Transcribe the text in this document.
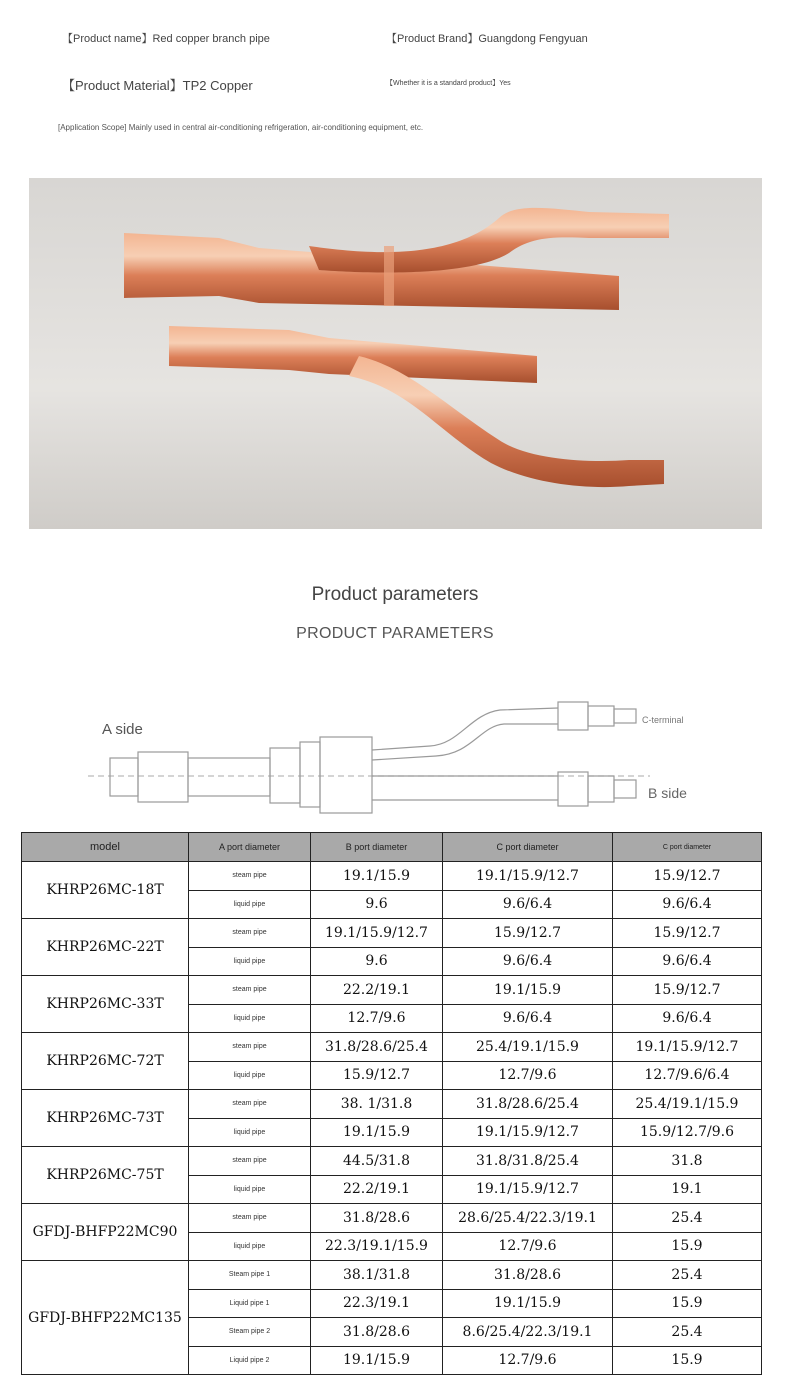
【Product name】Red copper branch pipe	【Product Brand】Guangdong Fengyuan
【Product Material】TP2 Copper	【Whether it is a standard product】Yes
[Application Scope] Mainly used in central air-conditioning refrigeration, air-conditioning equipment, etc.
Product parameters
PRODUCT PARAMETERS
A side
C-terminal
B side
model	A port diameter	B port diameter	C port diameter	C port diameter
KHRP26MC-18T	steam pipe	19.1/15.9	19.1/15.9/12.7	15.9/12.7
	liquid pipe	9.6	9.6/6.4	9.6/6.4
KHRP26MC-22T	steam pipe	19.1/15.9/12.7	15.9/12.7	15.9/12.7
	liquid pipe	9.6	9.6/6.4	9.6/6.4
KHRP26MC-33T	steam pipe	22.2/19.1	19.1/15.9	15.9/12.7
	liquid pipe	12.7/9.6	9.6/6.4	9.6/6.4
KHRP26MC-72T	steam pipe	31.8/28.6/25.4	25.4/19.1/15.9	19.1/15.9/12.7
	liquid pipe	15.9/12.7	12.7/9.6	12.7/9.6/6.4
KHRP26MC-73T	steam pipe	38. 1/31.8	31.8/28.6/25.4	25.4/19.1/15.9
	liquid pipe	19.1/15.9	19.1/15.9/12.7	15.9/12.7/9.6
KHRP26MC-75T	steam pipe	44.5/31.8	31.8/31.8/25.4	31.8
	liquid pipe	22.2/19.1	19.1/15.9/12.7	19.1
GFDJ-BHFP22MC90	steam pipe	31.8/28.6	28.6/25.4/22.3/19.1	25.4
	liquid pipe	22.3/19.1/15.9	12.7/9.6	15.9
GFDJ-BHFP22MC135	Steam pipe 1	38.1/31.8	31.8/28.6	25.4
	Liquid pipe 1	22.3/19.1	19.1/15.9	15.9
	Steam pipe 2	31.8/28.6	8.6/25.4/22.3/19.1	25.4
	Liquid pipe 2	19.1/15.9	12.7/9.6	15.9
